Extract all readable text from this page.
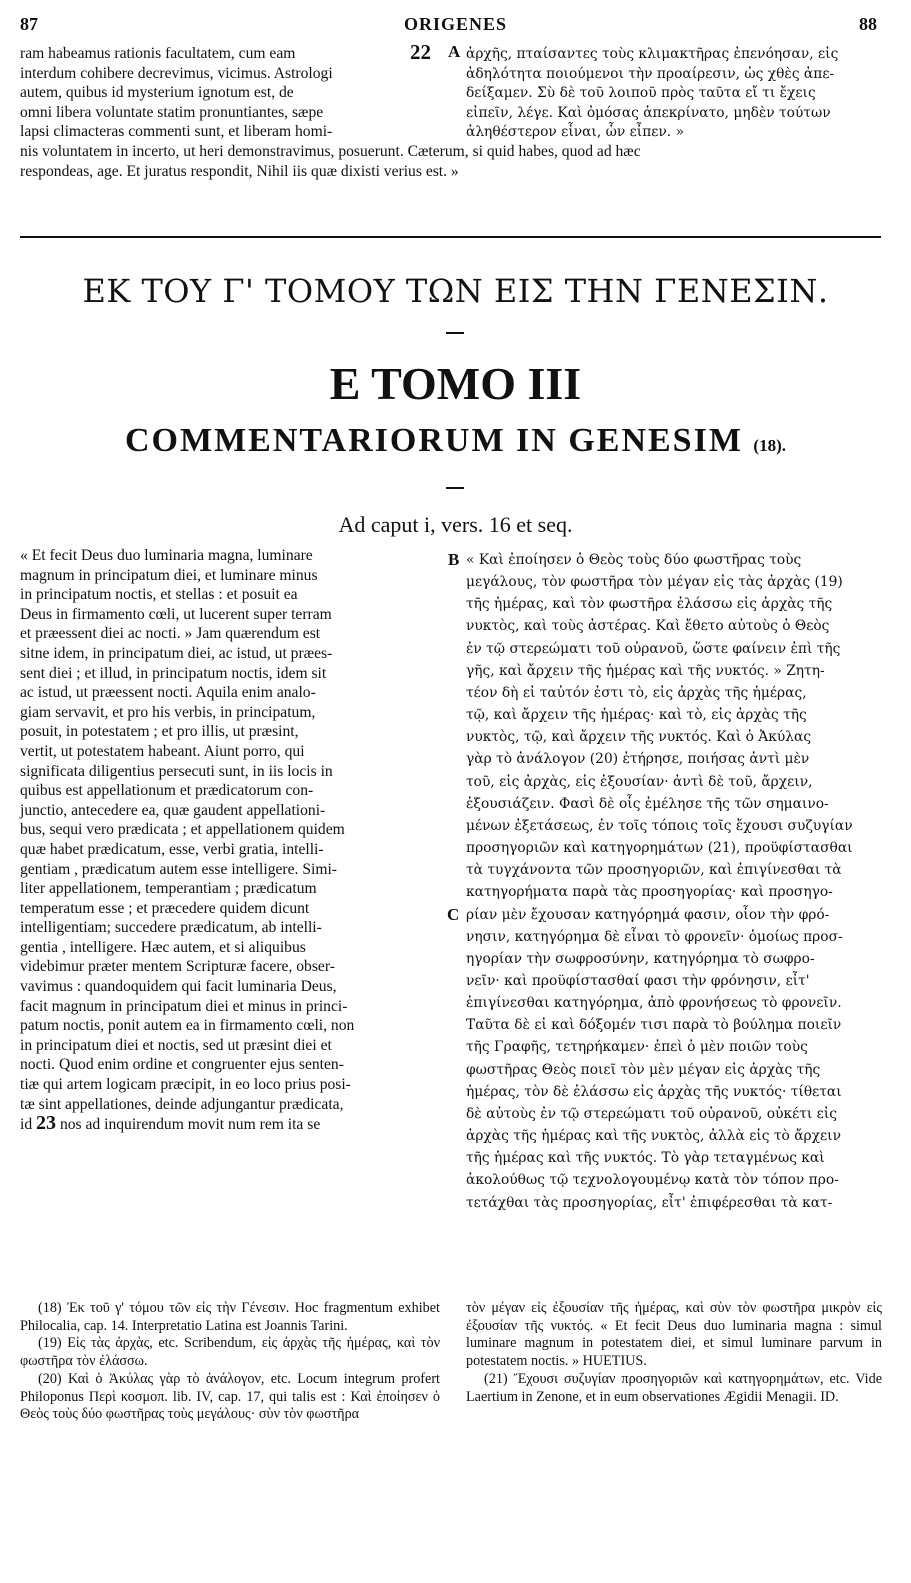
87	ORIGENES	88

ram habeamus rationis facultatem, cum eam

interdum cohibere decrevimus, vicimus. Astrologi

autem, quibus id mysterium ignotum est, de

omni libera voluntate statim pronuntiantes, sæpe

lapsi climacteras commenti sunt, et liberam homi-

22 A ἀρχῆς, πταίσαντες τοὺς κλιμακτῆρας ἐπενόησαν, εἰς

ἀδηλότητα ποιούμενοι τὴν προαίρεσιν, ὡς χθὲς ἀπε-

δείξαμεν. Σὺ δὲ τοῦ λοιποῦ πρὸς ταῦτα εἴ τι ἔχεις

εἰπεῖν, λέγε. Καὶ ὀμόσας ἀπεκρίνατο, μηδὲν τούτων

ἀληθέστερον εἶναι, ὧν εἶπεν. »

nis voluntatem in incerto, ut heri demonstravimus, posuerunt. Cæterum, si quid habes, quod ad hæc

respondeas, age. Et juratus respondit, Nihil iis quæ dixisti verius est. »

ΕΚ ΤΟΥ Γ' ΤΟΜΟΥ ΤΩΝ ΕΙΣ ΤΗΝ ΓΕΝΕΣΙΝ.
E TOMO III
COMMENTARIORUM IN GENESIM (18).
Ad caput i, vers. 16 et seq.

« Et fecit Deus duo luminaria magna, luminare

magnum in principatum diei, et luminare minus

in principatum noctis, et stellas : et posuit ea

Deus in firmamento cœli, ut lucerent super terram

et præessent diei ac nocti. » Jam quærendum est

sitne idem, in principatum diei, ac istud, ut præes-

sent diei ; et illud, in principatum noctis, idem sit

ac istud, ut præessent nocti. Aquila enim analo-

giam servavit, et pro his verbis, in principatum,

posuit, in potestatem ; et pro illis, ut præsint,

vertit, ut potestatem habeant. Aiunt porro, qui

significata diligentius persecuti sunt, in iis locis in

quibus est appellationum et prædicatorum con-

junctio, antecedere ea, quæ gaudent appellationi-

bus, sequi vero prædicata ; et appellationem quidem

quæ habet prædicatum, esse, verbi gratia, intelli-

gentiam , prædicatum autem esse intelligere. Simi-

liter appellationem, temperantiam ; prædicatum

temperatum esse ; et præcedere quidem dicunt

intelligentiam; succedere prædicatum, ab intelli-

gentia , intelligere. Hæc autem, et si aliquibus

videbimur præter mentem Scripturæ facere, obser-

vavimus : quandoquidem qui facit luminaria Deus,

facit magnum in principatum diei et minus in princi-

patum noctis, ponit autem ea in firmamento cœli, non

in principatum diei et noctis, sed ut præsint diei et

nocti. Quod enim ordine et congruenter ejus senten-

tiæ qui artem logicam præcipit, in eo loco prius posi-

tæ sint appellationes, deinde adjungantur prædicata,

id 23 nos ad inquirendum movit num rem ita se

B
C

« Καὶ ἐποίησεν ὁ Θεὸς τοὺς δύο φωστῆρας τοὺς

μεγάλους, τὸν φωστῆρα τὸν μέγαν εἰς τὰς ἀρχὰς (19)

τῆς ἡμέρας, καὶ τὸν φωστῆρα ἐλάσσω εἰς ἀρχὰς τῆς

νυκτὸς, καὶ τοὺς ἀστέρας. Καὶ ἔθετο αὐτοὺς ὁ Θεὸς

ἐν τῷ στερεώματι τοῦ οὐρανοῦ, ὥστε φαίνειν ἐπὶ τῆς

γῆς, καὶ ἄρχειν τῆς ἡμέρας καὶ τῆς νυκτός. » Ζητη-

τέον δὴ εἰ ταὐτόν ἐστι τὸ, εἰς ἀρχὰς τῆς ἡμέρας,

τῷ, καὶ ἄρχειν τῆς ἡμέρας· καὶ τὸ, εἰς ἀρχὰς τῆς

νυκτὸς, τῷ, καὶ ἄρχειν τῆς νυκτός. Καὶ ὁ Ἀκύλας

γὰρ τὸ ἀνάλογον (20) ἐτήρησε, ποιήσας ἀντὶ μὲν

τοῦ, εἰς ἀρχὰς, εἰς ἐξουσίαν· ἀντὶ δὲ τοῦ, ἄρχειν,

ἐξουσιάζειν. Φασὶ δὲ οἷς ἐμέλησε τῆς τῶν σημαινο-

μένων ἐξετάσεως, ἐν τοῖς τόποις τοῖς ἔχουσι συζυγίαν

προσηγοριῶν καὶ κατηγορημάτων (21), προϋφίστασθαι

τὰ τυγχάνοντα τῶν προσηγοριῶν, καὶ ἐπιγίνεσθαι τὰ

κατηγορήματα παρὰ τὰς προσηγορίας· καὶ προσηγο-

ρίαν μὲν ἔχουσαν κατηγόρημά φασιν, οἷον τὴν φρό-

νησιν, κατηγόρημα δὲ εἶναι τὸ φρονεῖν· ὁμοίως προσ-

ηγορίαν τὴν σωφροσύνην, κατηγόρημα τὸ σωφρο-

νεῖν· καὶ προϋφίστασθαί φασι τὴν φρόνησιν, εἶτ'

ἐπιγίνεσθαι κατηγόρημα, ἀπὸ φρονήσεως τὸ φρονεῖν.

Ταῦτα δὲ εἰ καὶ δόξομέν τισι παρὰ τὸ βούλημα ποιεῖν

τῆς Γραφῆς, τετηρήκαμεν· ἐπεὶ ὁ μὲν ποιῶν τοὺς

φωστῆρας Θεὸς ποιεῖ τὸν μὲν μέγαν εἰς ἀρχὰς τῆς

ἡμέρας, τὸν δὲ ἐλάσσω εἰς ἀρχὰς τῆς νυκτός· τίθεται

δὲ αὐτοὺς ἐν τῷ στερεώματι τοῦ οὐρανοῦ, οὐκέτι εἰς

ἀρχὰς τῆς ἡμέρας καὶ τῆς νυκτὸς, ἀλλὰ εἰς τὸ ἄρχειν

τῆς ἡμέρας καὶ τῆς νυκτός. Τὸ γὰρ τεταγμένως καὶ

ἀκολούθως τῷ τεχνολογουμένῳ κατὰ τὸν τόπον προ-

τετάχθαι τὰς προσηγορίας, εἶτ' ἐπιφέρεσθαι τὰ κατ-

(18) Ἐκ τοῦ γ' τόμου τῶν εἰς τὴν Γένεσιν. Hoc fragmentum exhibet Philocalia, cap. 14. Interpretatio Latina est Joannis Tarini.

(19) Εἰς τὰς ἀρχὰς, etc. Scribendum, εἰς ἀρχὰς τῆς ἡμέρας, καὶ τὸν φωστῆρα τὸν ἐλάσσω.

(20) Καὶ ὁ Ἀκύλας γὰρ τὸ ἀνάλογον, etc. Locum integrum profert Philoponus Περὶ κοσμοπ. lib. IV, cap. 17, qui talis est : Καὶ ἐποίησεν ὁ Θεὸς τοὺς δύο φωστῆρας τοὺς μεγάλους· σὺν τὸν φωστῆρα

τὸν μέγαν εἰς ἐξουσίαν τῆς ἡμέρας, καὶ σὺν τὸν φωστῆρα μικρὸν εἰς ἐξουσίαν τῆς νυκτός. « Et fecit Deus duo luminaria magna : simul luminare magnum in potestatem diei, et simul luminare parvum in potestatem noctis. » HUETIUS.

(21) Ἔχουσι συζυγίαν προσηγοριῶν καὶ κατηγορημάτων, etc. Vide Laertium in Zenone, et in eum observationes Ægidii Menagii. ID.
